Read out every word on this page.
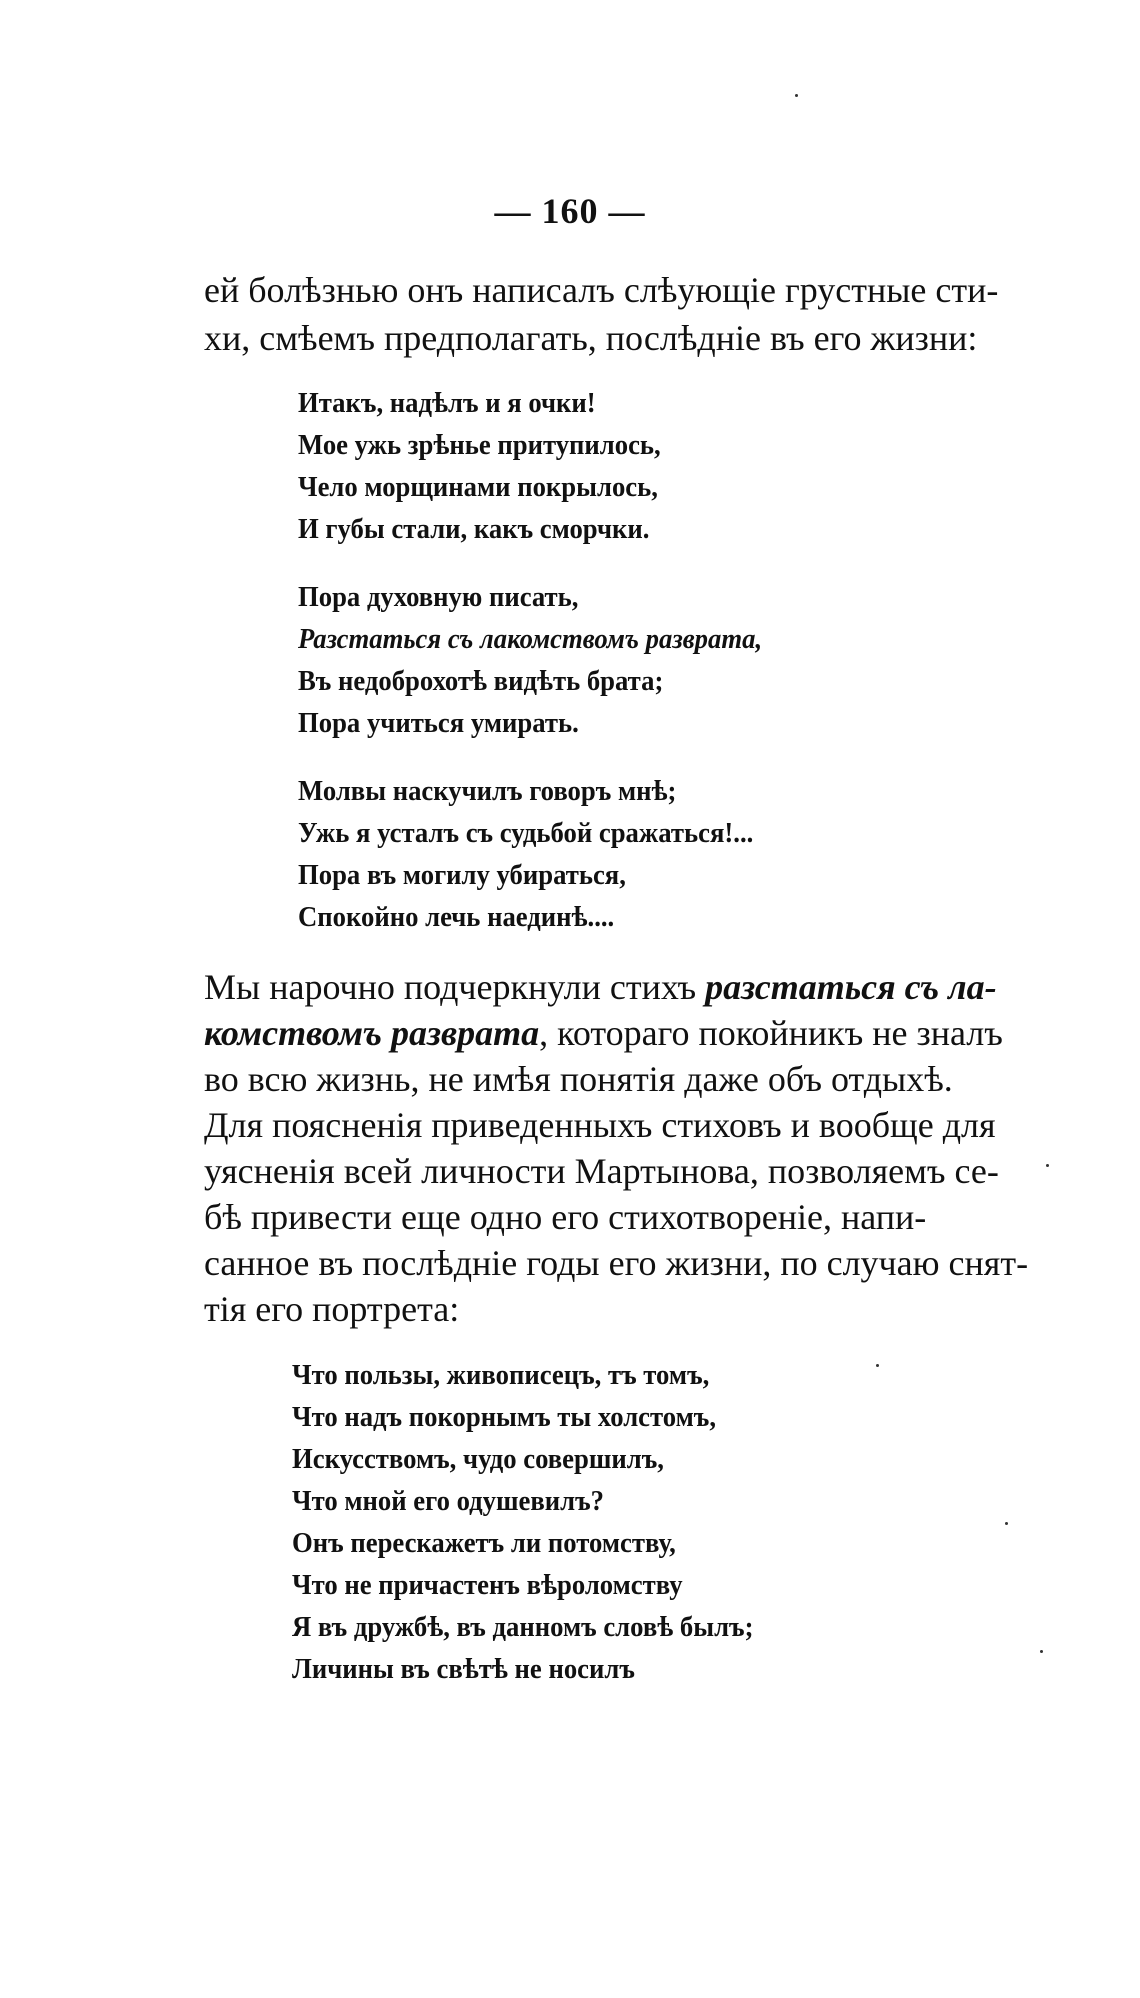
— 160 —
ей болѣзнью онъ написалъ слѣующіе грустные сти-
хи, смѣемъ предполагать, послѣдніе въ его жизни:
Итакъ, надѣлъ и я очки!
Мое ужь зрѣнье притупилось,
Чело морщинами покрылось,
И губы стали, какъ сморчки.
Пора духовную писать,
Разстаться съ лакомствомъ разврата,
Въ недоброхотѣ видѣть брата;
Пора учиться умирать.
Молвы наскучилъ говоръ мнѣ;
Ужь я усталъ съ судьбой сражаться!...
Пора въ могилу убираться,
Спокойно лечь наединѣ....
Мы нарочно подчеркнули стихъ разстаться съ ла-
комствомъ разврата, котораго покойникъ не зналъ
во всю жизнь, не имѣя понятія даже объ отдыхѣ.
Для поясненія приведенныхъ стиховъ и вообще для
уясненія всей личности Мартынова, позволяемъ се-
бѣ привести еще одно его стихотвореніе, напи-
санное въ послѣдніе годы его жизни, по случаю снят-
тія его портрета:
Что пользы, живописецъ, тъ томъ,
Что надъ покорнымъ ты холстомъ,
Искусствомъ, чудо совершилъ,
Что мной его одушевилъ?
Онъ перескажетъ ли потомству,
Что не причастенъ вѣроломству
Я въ дружбѣ, въ данномъ словѣ былъ;
Личины въ свѣтѣ не носилъ
